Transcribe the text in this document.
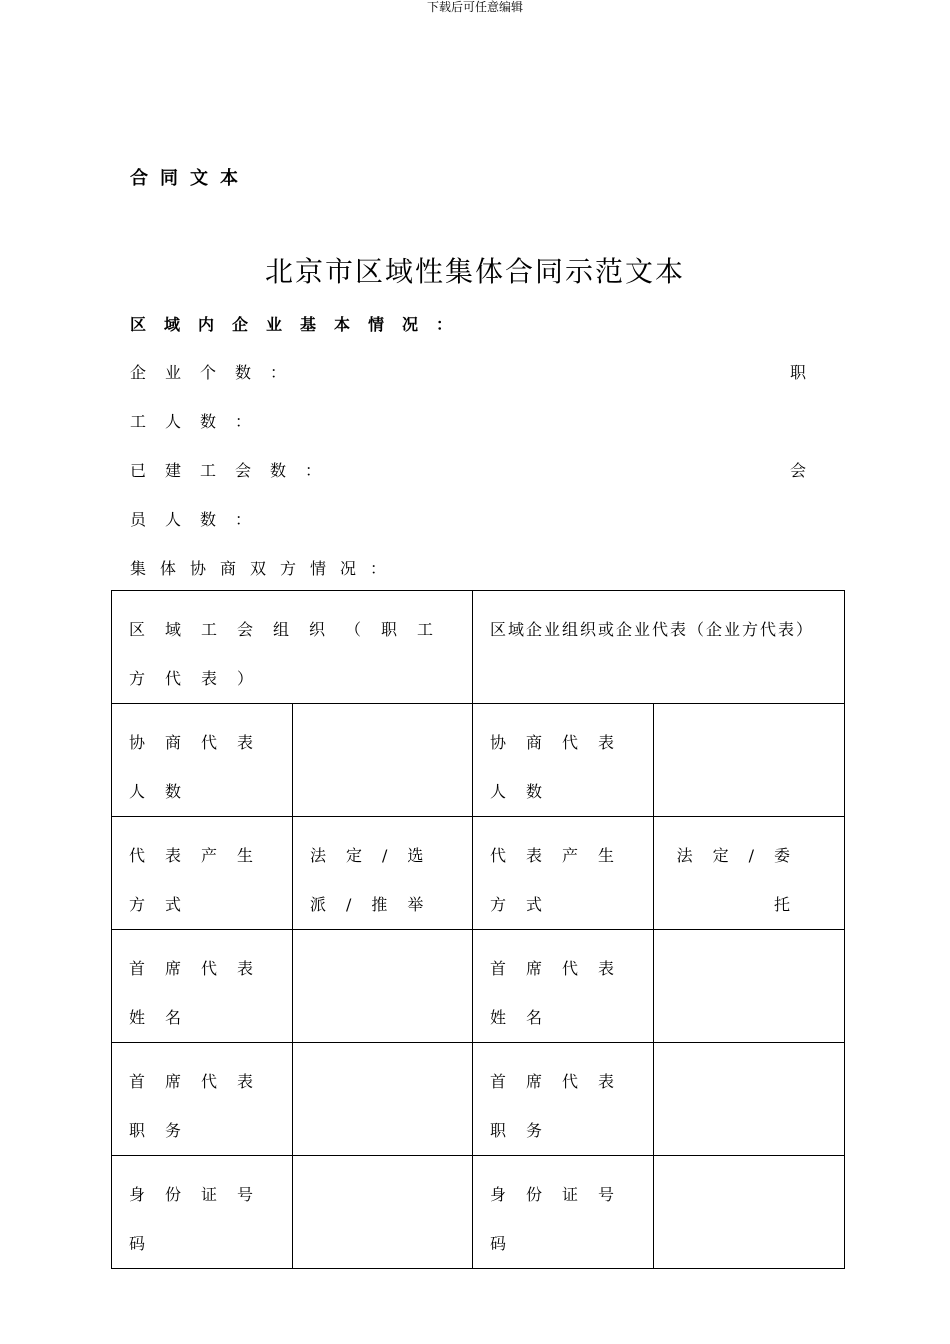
下载后可任意编辑
合同文本
北京市区域性集体合同示范文本
区域内企业基本情况：
企业个数：	职
工人数：
已建工会数：	会
员人数：
集体协商双方情况：
区域工会组织（职工方代表）		区域企业组织或企业代表（企业方代表）	
协商代表人数		协商代表人数	
代表产生方式	法定/选派/推举	代表产生方式	法定/委托
首席代表姓名		首席代表姓名	
首席代表职务		首席代表职务	
身份证号码		身份证号码	
